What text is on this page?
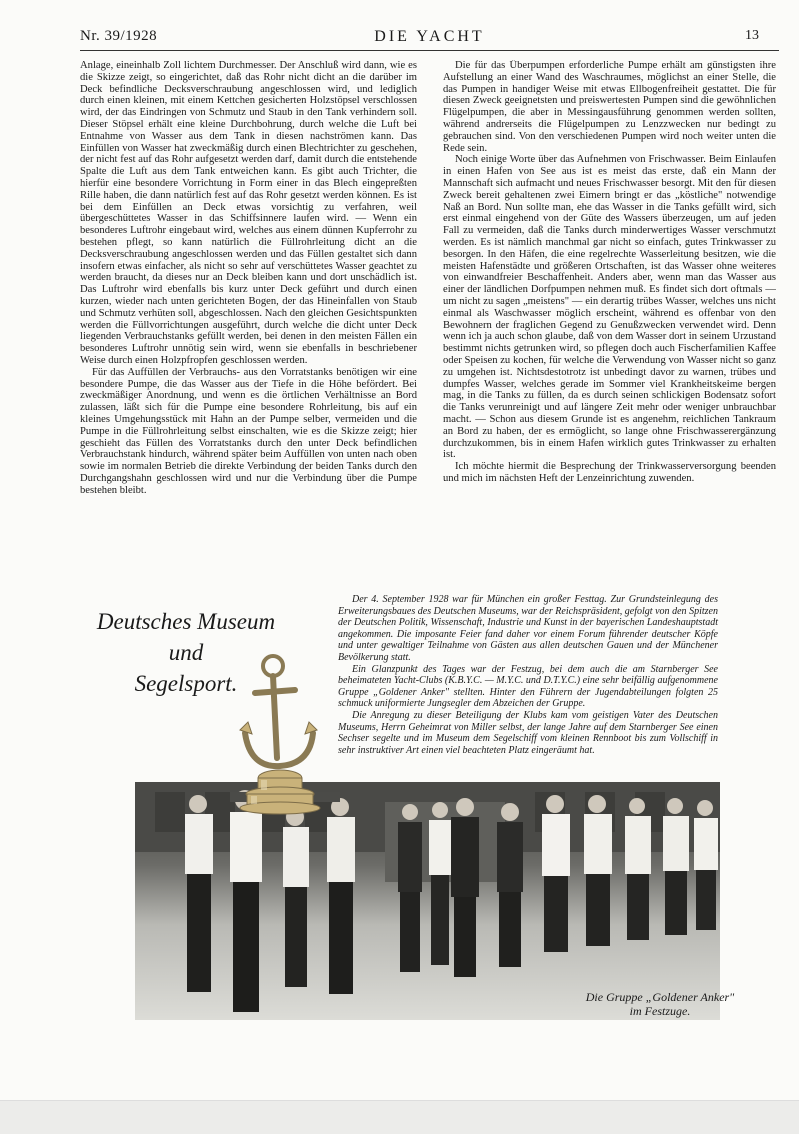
Nr. 39/1928	DIE YACHT	13

Anlage, eineinhalb Zoll lichtem Durchmesser. Der Anschluß wird dann, wie es die Skizze zeigt, so eingerichtet, daß das Rohr nicht dicht an die darüber im Deck befindliche Decksverschraubung angeschlossen wird, und lediglich durch einen kleinen, mit einem Kettchen gesicherten Holzstöpsel verschlossen wird, der das Eindringen von Schmutz und Staub in den Tank verhindern soll. Dieser Stöpsel erhält eine kleine Durchbohrung, durch welche die Luft bei Entnahme von Wasser aus dem Tank in diesen nachströmen kann. Das Einfüllen von Wasser hat zweckmäßig durch einen Blechtrichter zu geschehen, der nicht fest auf das Rohr aufgesetzt werden darf, damit durch die entstehende Spalte die Luft aus dem Tank entweichen kann. Es gibt auch Trichter, die hierfür eine besondere Vorrichtung in Form einer in das Blech eingepreßten Rille haben, die dann natürlich fest auf das Rohr gesetzt werden können. Es ist bei dem Einfüllen an Deck etwas vorsichtig zu verfahren, weil übergeschüttetes Wasser in das Schiffsinnere laufen wird. — Wenn ein besonderes Luftrohr eingebaut wird, welches aus einem dünnen Kupferrohr zu bestehen pflegt, so kann natürlich die Füllrohrleitung dicht an die Decksverschraubung angeschlossen werden und das Füllen gestaltet sich dann insofern etwas einfacher, als nicht so sehr auf verschüttetes Wasser geachtet zu werden braucht, da dieses nur an Deck bleiben kann und dort unschädlich ist. Das Luftrohr wird ebenfalls bis kurz unter Deck geführt und durch einen kurzen, wieder nach unten gerichteten Bogen, der das Hineinfallen von Staub und Schmutz verhüten soll, abgeschlossen. Nach den gleichen Gesichtspunkten werden die Füllvorrichtungen ausgeführt, durch welche die dicht unter Deck liegenden Verbrauchstanks gefüllt werden, bei denen in den meisten Fällen ein besonderes Luftrohr unnötig sein wird, wenn sie ebenfalls in beschriebener Weise durch einen Holzpfropfen geschlossen werden.

Für das Auffüllen der Verbrauchs- aus den Vorratstanks benötigen wir eine besondere Pumpe, die das Wasser aus der Tiefe in die Höhe befördert. Bei zweckmäßiger Anordnung, und wenn es die örtlichen Verhältnisse an Bord zulassen, läßt sich für die Pumpe eine besondere Rohrleitung, bis auf ein kleines Umgehungsstück mit Hahn an der Pumpe selber, vermeiden und die Pumpe in die Füllrohrleitung selbst einschalten, wie es die Skizze zeigt; hier geschieht das Füllen des Vorratstanks durch den unter Deck befindlichen Verbrauchstank hindurch, während später beim Auffüllen von unten nach oben sowie im normalen Betrieb die direkte Verbindung der beiden Tanks durch den Durchgangshahn geschlossen wird und nur die Verbindung über die Pumpe bestehen bleibt.

Die für das Überpumpen erforderliche Pumpe erhält am günstigsten ihre Aufstellung an einer Wand des Waschraumes, möglichst an einer Stelle, die das Pumpen in handiger Weise mit etwas Ellbogenfreiheit gestattet. Die für diesen Zweck geeignetsten und preiswertesten Pumpen sind die gewöhnlichen Flügelpumpen, die aber in Messingausführung genommen werden sollten, während andrerseits die Flügelpumpen zu Lenzzwecken nur bedingt zu gebrauchen sind. Von den verschiedenen Pumpen wird noch weiter unten die Rede sein.

Noch einige Worte über das Aufnehmen von Frischwasser. Beim Einlaufen in einen Hafen von See aus ist es meist das erste, daß ein Mann der Mannschaft sich aufmacht und neues Frischwasser besorgt. Mit den für diesen Zweck bereit gehaltenen zwei Eimern bringt er das „köstliche" notwendige Naß an Bord. Nun sollte man, ehe das Wasser in die Tanks gefüllt wird, sich erst einmal eingehend von der Güte des Wassers überzeugen, um auf jeden Fall zu vermeiden, daß die Tanks durch minderwertiges Wasser verschmutzt werden. Es ist nämlich manchmal gar nicht so einfach, gutes Trinkwasser zu besorgen. In den Häfen, die eine regelrechte Wasserleitung besitzen, wie die meisten Hafenstädte und größeren Ortschaften, ist das Wasser ohne weiteres von einwandfreier Beschaffenheit. Anders aber, wenn man das Wasser aus einer der ländlichen Dorfpumpen nehmen muß. Es findet sich dort oftmals — um nicht zu sagen „meistens" — ein derartig trübes Wasser, welches uns nicht einmal als Waschwasser möglich erscheint, während es offenbar von den Bewohnern der fraglichen Gegend zu Genußzwecken verwendet wird. Denn wenn ich ja auch schon glaube, daß von dem Wasser dort in seinem Urzustand bestimmt nichts getrunken wird, so pflegen doch auch Fischerfamilien Kaffee oder Speisen zu kochen, für welche die Verwendung von Wasser nicht so ganz zu umgehen ist. Nichtsdestotrotz ist unbedingt davor zu warnen, trübes und dumpfes Wasser, welches gerade im Sommer viel Krankheitskeime bergen mag, in die Tanks zu füllen, da es durch seinen schlickigen Bodensatz sofort die Tanks verunreinigt und auf längere Zeit mehr oder weniger unbrauchbar macht. — Schon aus diesem Grunde ist es angenehm, reichlichen Tankraum an Bord zu haben, der es ermöglicht, so lange ohne Frischwasserergänzung durchzukommen, bis in einem Hafen wirklich gutes Trinkwasser zu erhalten ist.

Ich möchte hiermit die Besprechung der Trinkwasserversorgung beenden und mich im nächsten Heft der Lenzeinrichtung zuwenden.

Deutsches Museum
und
Segelsport.

Der 4. September 1928 war für München ein großer Festtag. Zur Grundsteinlegung des Erweiterungsbaues des Deutschen Museums, war der Reichspräsident, gefolgt von den Spitzen der Deutschen Politik, Wissenschaft, Industrie und Kunst in der bayerischen Landeshauptstadt angekommen. Die imposante Feier fand daher vor einem Forum führender deutscher Köpfe und unter gewaltiger Teilnahme von Gästen aus allen deutschen Gauen und der Münchener Bevölkerung statt.

Ein Glanzpunkt des Tages war der Festzug, bei dem auch die am Starnberger See beheimateten Yacht-Clubs (K.B.Y.C. — M.Y.C. und D.T.Y.C.) eine sehr beifällig aufgenommene Gruppe „Goldener Anker" stellten. Hinter den Führern der Jugendabteilungen folgten 25 schmuck uniformierte Jungsegler dem Abzeichen der Gruppe.

Die Anregung zu dieser Beteiligung der Klubs kam vom geistigen Vater des Deutschen Museums, Herrn Geheimrat von Miller selbst, der lange Jahre auf dem Starnberger See einen Sechser segelte und im Museum dem Segelschiff vom kleinen Rennboot bis zum Vollschiff in sehr instruktiver Art einen viel beachteten Platz eingeräumt hat.

Die Gruppe „Goldener Anker"
im Festzuge.
